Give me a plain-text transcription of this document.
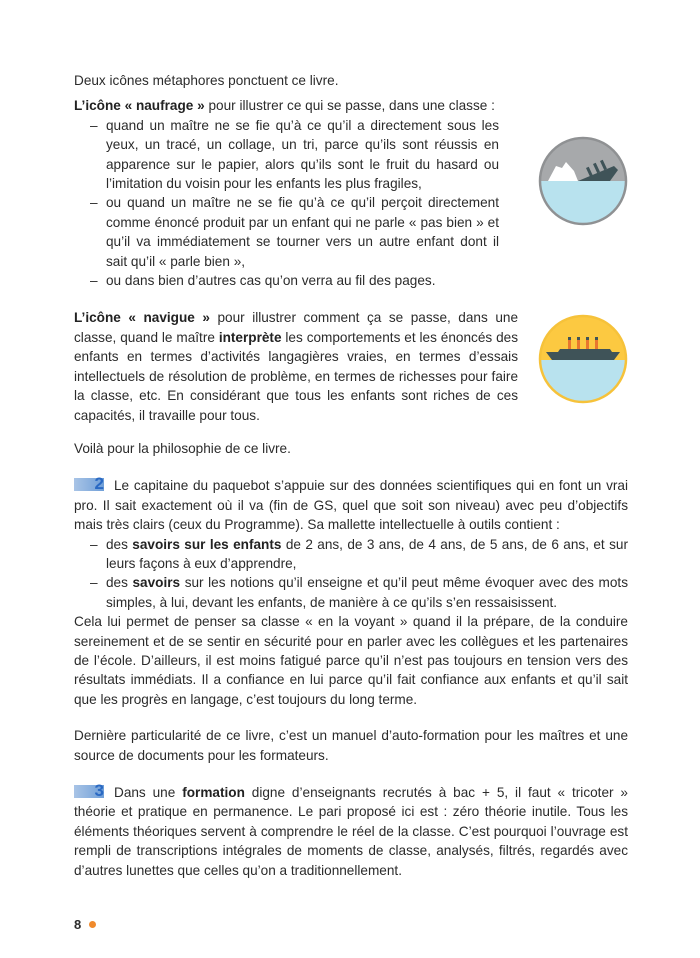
Deux icônes métaphores ponctuent ce livre.

L’icône « naufrage » pour illustrer ce qui se passe, dans une classe :

– quand un maître ne se fie qu’à ce qu’il a directement sous les yeux, un tracé, un collage, un tri, parce qu’ils sont réussis en apparence sur le papier, alors qu’ils sont le fruit du hasard ou l’imitation du voisin pour les enfants les plus fragiles,
– ou quand un maître ne se fie qu’à ce qu’il perçoit directement comme énoncé produit par un enfant qui ne parle « pas bien » et qu’il va immédiatement se tourner vers un autre enfant dont il sait qu’il « parle bien »,
– ou dans bien d’autres cas qu’on verra au fil des pages.

L’icône « navigue » pour illustrer comment ça se passe, dans une classe, quand le maître interprète les comportements et les énoncés des enfants en termes d’activités langagières vraies, en termes d’essais intellectuels de résolution de problème, en termes de richesses pour faire la classe, etc. En considérant que tous les enfants sont riches de ces capacités, il travaille pour tous.

Voilà pour la philosophie de ce livre.

2 Le capitaine du paquebot s’appuie sur des données scientifiques qui en font un vrai pro. Il sait exactement où il va (fin de GS, quel que soit son niveau) avec peu d’objectifs mais très clairs (ceux du Programme). Sa mallette intellectuelle à outils contient :

– des savoirs sur les enfants de 2 ans, de 3 ans, de 4 ans, de 5 ans, de 6 ans, et sur leurs façons à eux d’apprendre,
– des savoirs sur les notions qu’il enseigne et qu’il peut même évoquer avec des mots simples, à lui, devant les enfants, de manière à ce qu’ils s’en ressaisissent.

Cela lui permet de penser sa classe « en la voyant » quand il la prépare, de la conduire sereinement et de se sentir en sécurité pour en parler avec les collègues et les partenaires de l’école. D’ailleurs, il est moins fatigué parce qu’il n’est pas toujours en tension vers des résultats immédiats. Il a confiance en lui parce qu’il fait confiance aux enfants et qu’il sait que les progrès en langage, c’est toujours du long terme.

Dernière particularité de ce livre, c’est un manuel d’auto-formation pour les maîtres et une source de documents pour les formateurs.

3 Dans une formation digne d’enseignants recrutés à bac + 5, il faut « tricoter » théorie et pratique en permanence. Le pari proposé ici est : zéro théorie inutile. Tous les éléments théoriques servent à comprendre le réel de la classe. C’est pourquoi l’ouvrage est rempli de transcriptions intégrales de moments de classe, analysés, filtrés, regardés avec d’autres lunettes que celles qu’on a traditionnellement.

8
